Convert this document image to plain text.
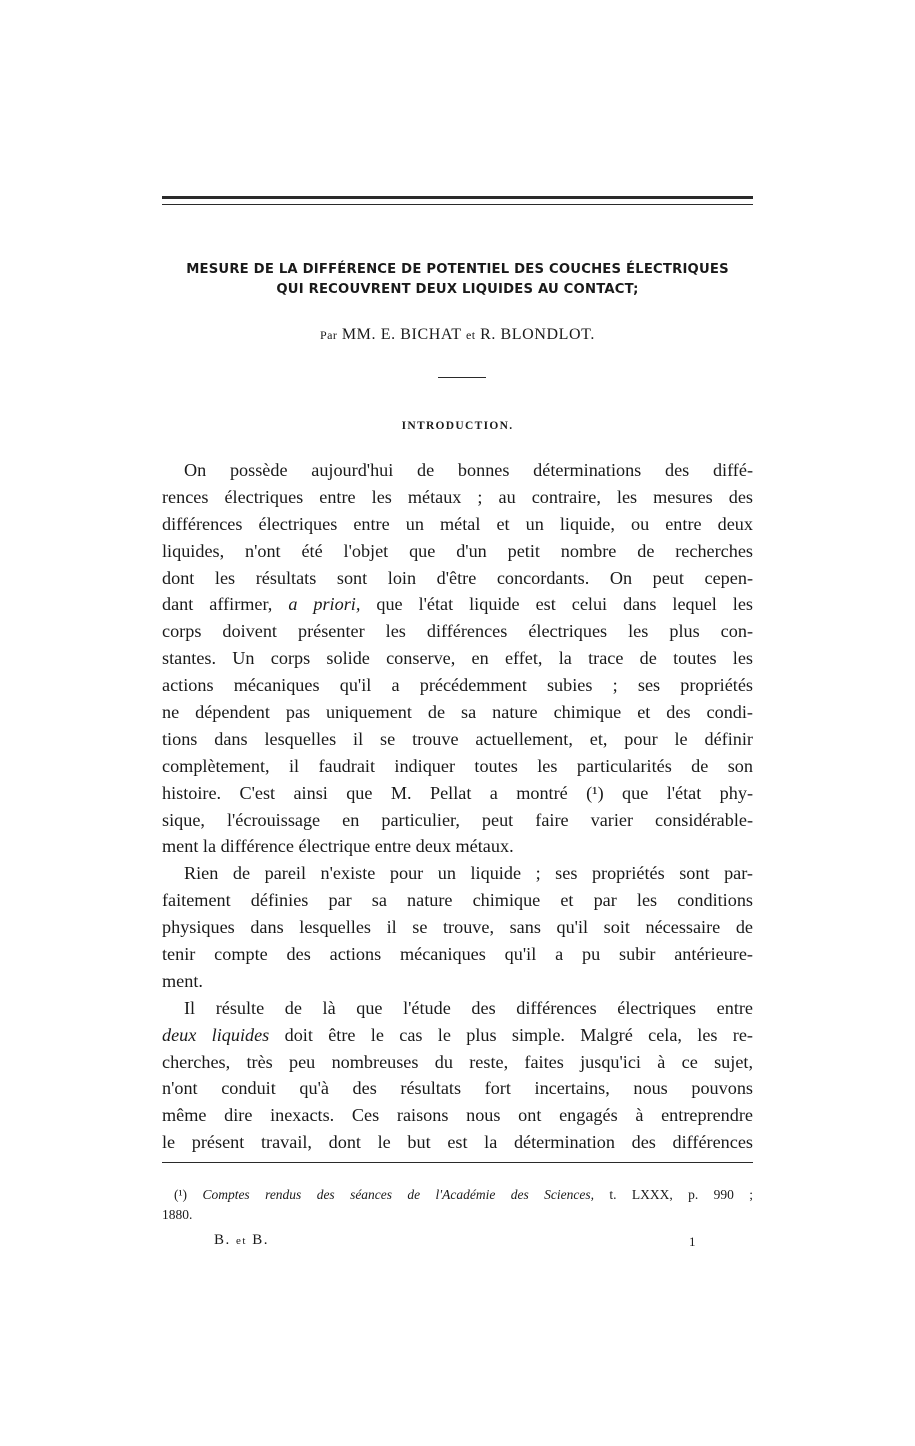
MESURE DE LA DIFFÉRENCE DE POTENTIEL DES COUCHES ÉLECTRIQUES
QUI RECOUVRENT DEUX LIQUIDES AU CONTACT;
Par MM. E. BICHAT et R. BLONDLOT.
INTRODUCTION.
On possède aujourd'hui de bonnes déterminations des diffé-
rences électriques entre les métaux ; au contraire, les mesures des
différences électriques entre un métal et un liquide, ou entre deux
liquides, n'ont été l'objet que d'un petit nombre de recherches
dont les résultats sont loin d'être concordants. On peut cepen-
dant affirmer, a priori, que l'état liquide est celui dans lequel les
corps doivent présenter les différences électriques les plus con-
stantes. Un corps solide conserve, en effet, la trace de toutes les
actions mécaniques qu'il a précédemment subies ; ses propriétés
ne dépendent pas uniquement de sa nature chimique et des condi-
tions dans lesquelles il se trouve actuellement, et, pour le définir
complètement, il faudrait indiquer toutes les particularités de son
histoire. C'est ainsi que M. Pellat a montré (¹) que l'état phy-
sique, l'écrouissage en particulier, peut faire varier considérable-
ment la différence électrique entre deux métaux.
Rien de pareil n'existe pour un liquide ; ses propriétés sont par-
faitement définies par sa nature chimique et par les conditions
physiques dans lesquelles il se trouve, sans qu'il soit nécessaire de
tenir compte des actions mécaniques qu'il a pu subir antérieure-
ment.
Il résulte de là que l'étude des différences électriques entre
deux liquides doit être le cas le plus simple. Malgré cela, les re-
cherches, très peu nombreuses du reste, faites jusqu'ici à ce sujet,
n'ont conduit qu'à des résultats fort incertains, nous pouvons
même dire inexacts. Ces raisons nous ont engagés à entreprendre
le présent travail, dont le but est la détermination des différences
(¹) Comptes rendus des séances de l'Académie des Sciences, t. LXXX, p. 990 ;
1880.
B. et B.	1
